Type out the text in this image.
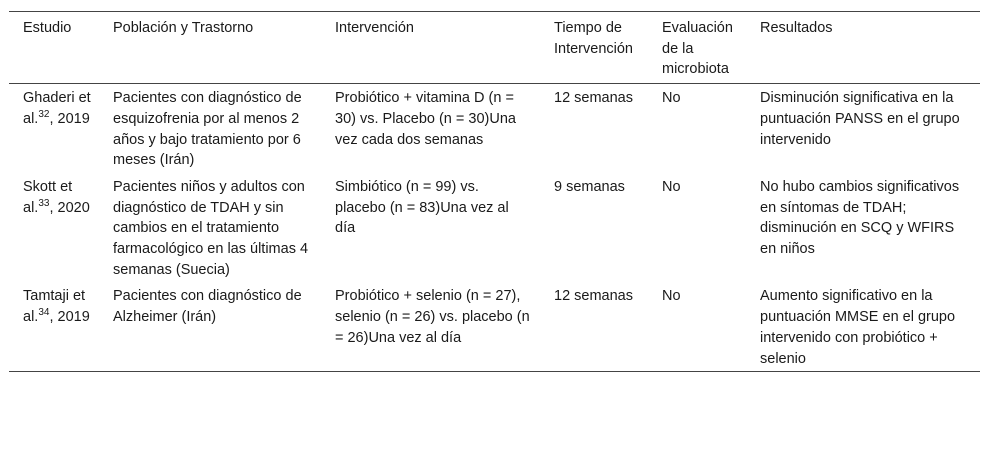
Estudio	Población y Trastorno	Intervención	Tiempo de Intervención	Evaluación de la microbiota	Resultados
Ghaderi et al.$^{32}$, 2019	Pacientes con diagnóstico de esquizofrenia por al menos 2 años y bajo tratamiento por 6 meses (Irán)	Probiótico + vitamina D (n = 30) vs. Placebo (n = 30)Una vez cada dos semanas	12 semanas	No	Disminución significativa en la puntuación PANSS en el grupo intervenido
Skott et al.$^{33}$, 2020	Pacientes niños y adultos con diagnóstico de TDAH y sin cambios en el tratamiento farmacológico en las últimas 4 semanas (Suecia)	Simbiótico (n = 99) vs. placebo (n = 83)Una vez al día	9 semanas	No	No hubo cambios significativos en síntomas de TDAH; disminución en SCQ y WFIRS en niños
Tamtaji et al.$^{34}$, 2019	Pacientes con diagnóstico de Alzheimer (Irán)	Probiótico + selenio (n = 27), selenio (n = 26) vs. placebo (n = 26)Una vez al día	12 semanas	No	Aumento significativo en la puntuación MMSE en el grupo intervenido con probiótico + selenio
